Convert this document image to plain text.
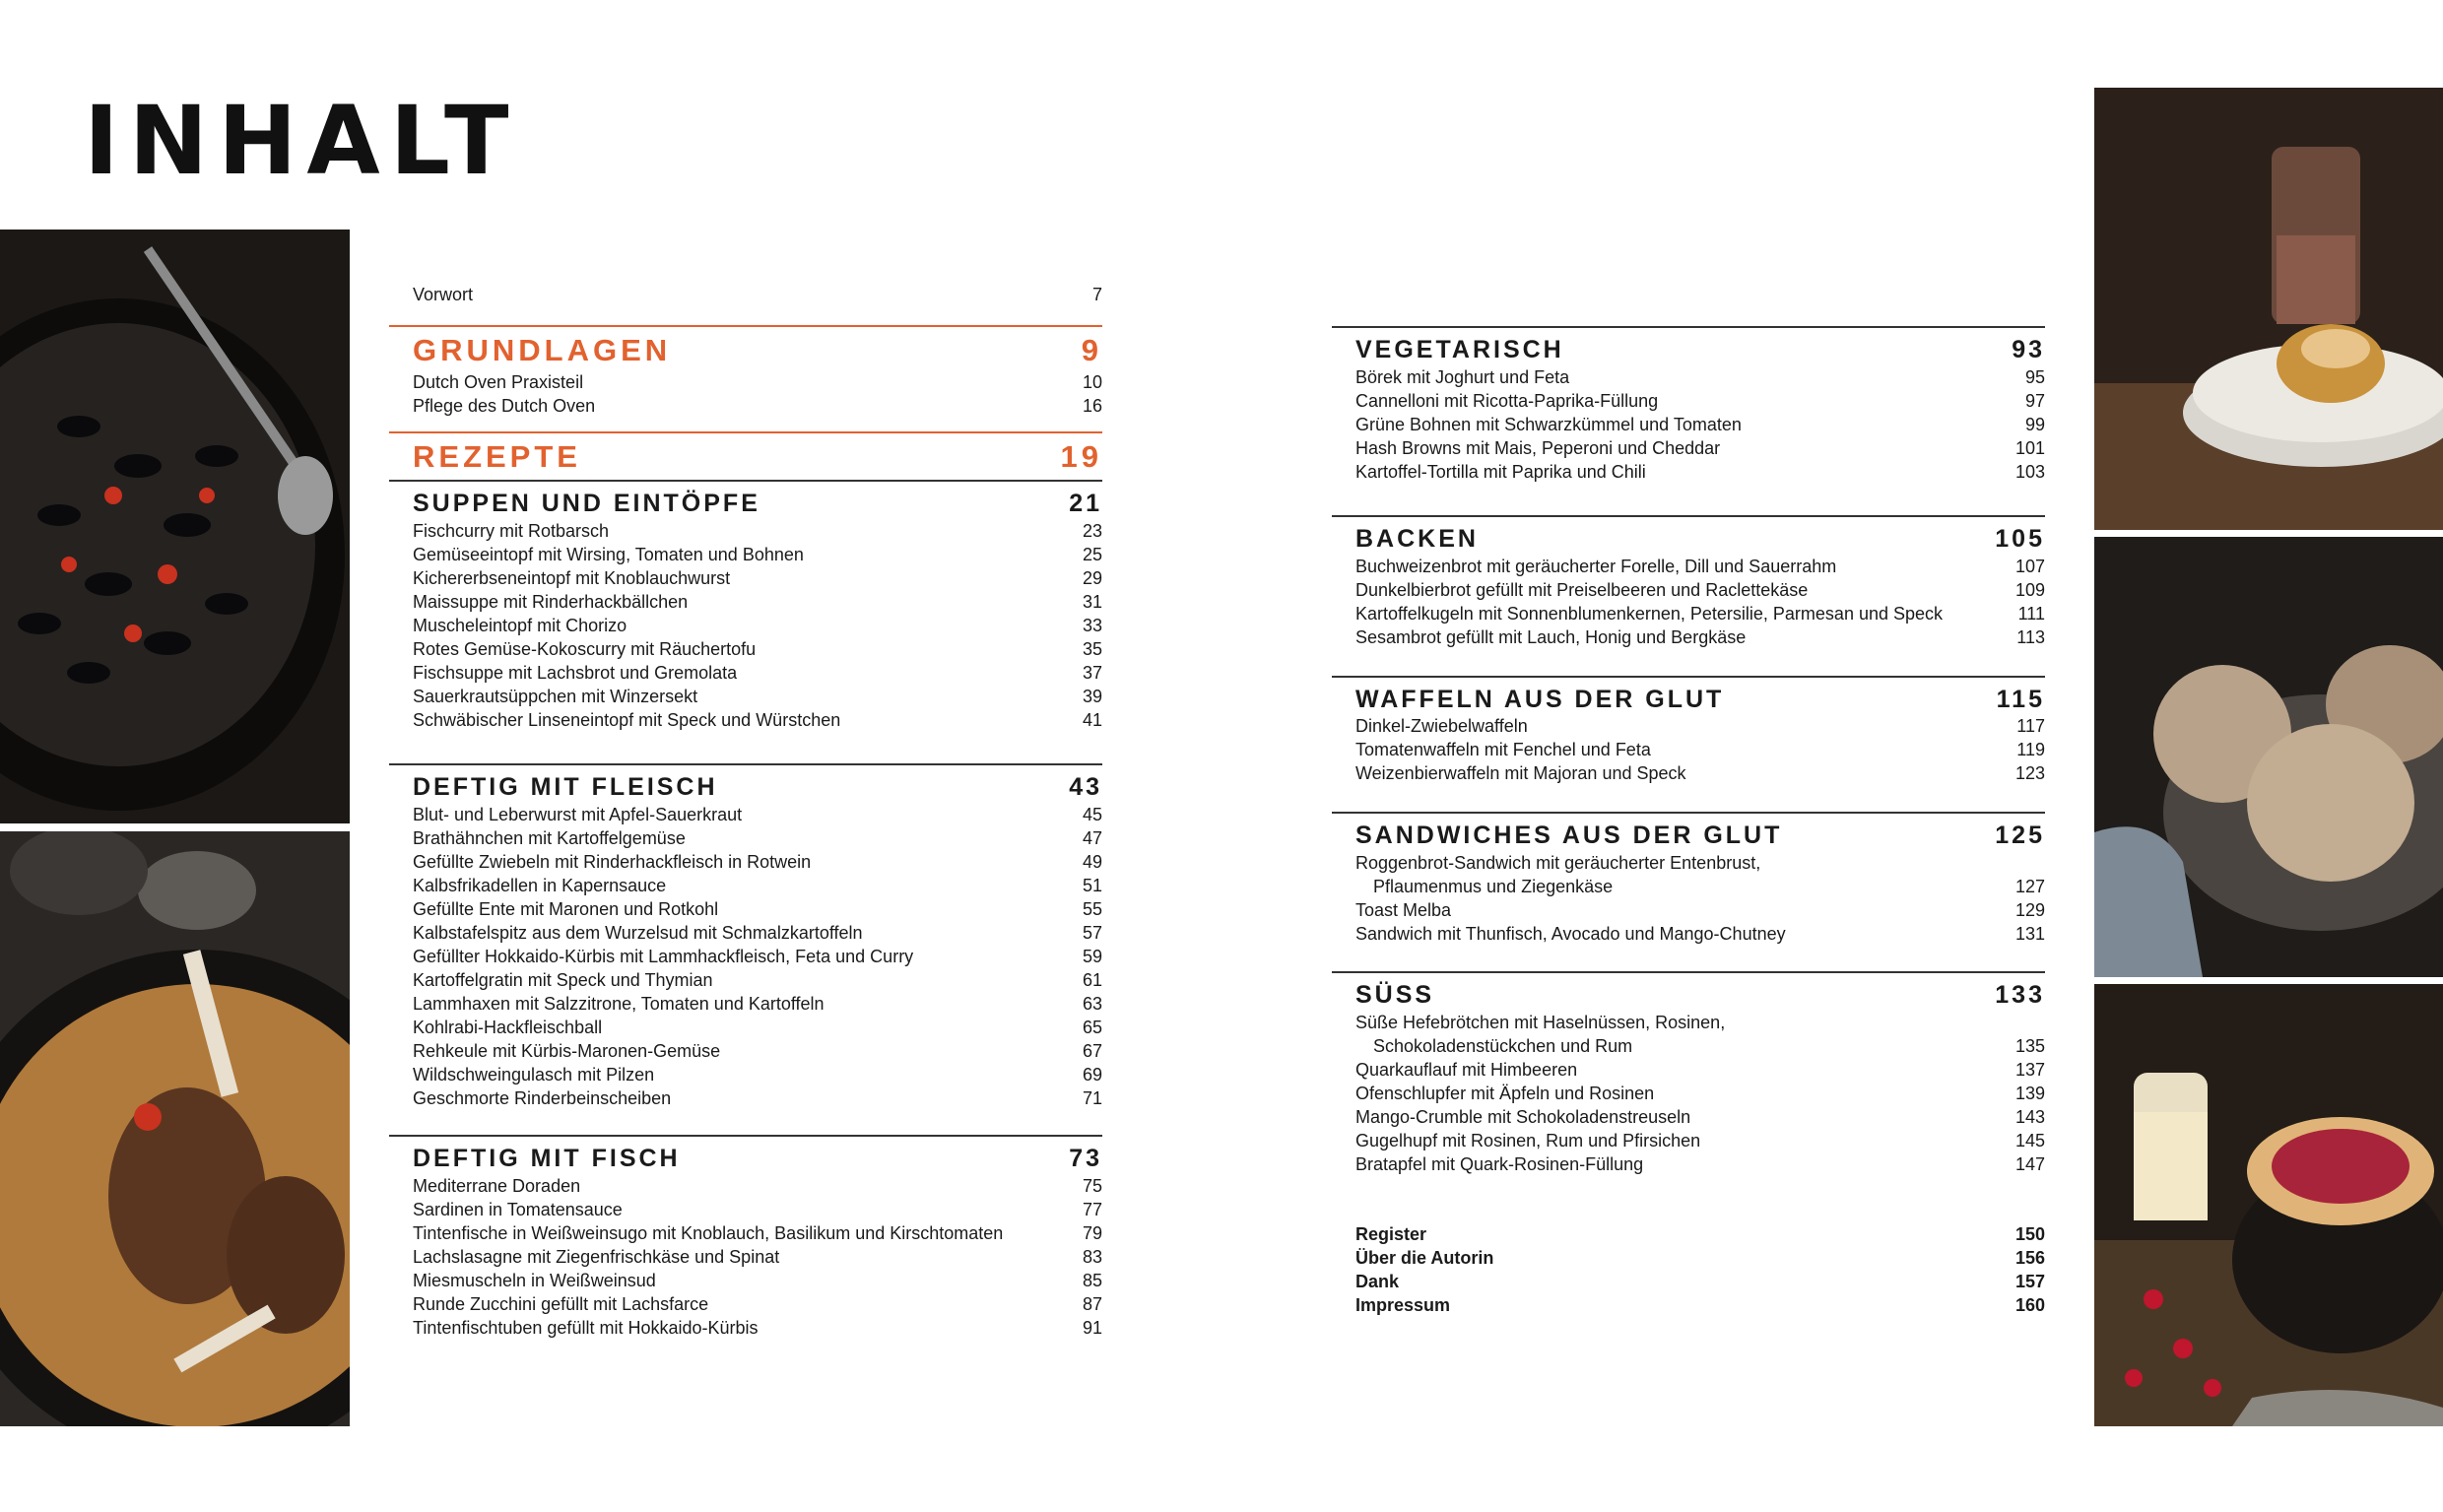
INHALT
Vorwort	7
GRUNDLAGEN	9
Dutch Oven Praxisteil	10
Pflege des Dutch Oven	16
REZEPTE	19
SUPPEN UND EINTÖPFE	21
Fischcurry mit Rotbarsch	23
Gemüseeintopf mit Wirsing, Tomaten und Bohnen	25
Kichererbseneintopf mit Knoblauchwurst	29
Maissuppe mit Rinderhackbällchen	31
Muscheleintopf mit Chorizo	33
Rotes Gemüse-Kokoscurry mit Räuchertofu	35
Fischsuppe mit Lachsbrot und Gremolata	37
Sauerkrautsüppchen mit Winzersekt	39
Schwäbischer Linseneintopf mit Speck und Würstchen	41
DEFTIG MIT FLEISCH	43
Blut- und Leberwurst mit Apfel-Sauerkraut	45
Brathähnchen mit Kartoffelgemüse	47
Gefüllte Zwiebeln mit Rinderhackfleisch in Rotwein	49
Kalbsfrikadellen in Kapernsauce	51
Gefüllte Ente mit Maronen und Rotkohl	55
Kalbstafelspitz aus dem Wurzelsud mit Schmalzkartoffeln	57
Gefüllter Hokkaido-Kürbis mit Lammhackfleisch, Feta und Curry	59
Kartoffelgratin mit Speck und Thymian	61
Lammhaxen mit Salzzitrone, Tomaten und Kartoffeln	63
Kohlrabi-Hackfleischball	65
Rehkeule mit Kürbis-Maronen-Gemüse	67
Wildschweingulasch mit Pilzen	69
Geschmorte Rinderbeinscheiben	71
DEFTIG MIT FISCH	73
Mediterrane Doraden	75
Sardinen in Tomatensauce	77
Tintenfische in Weißweinsugo mit Knoblauch, Basilikum und Kirschtomaten	79
Lachslasagne mit Ziegenfrischkäse und Spinat	83
Miesmuscheln in Weißweinsud	85
Runde Zucchini gefüllt mit Lachsfarce	87
Tintenfischtuben gefüllt mit Hokkaido-Kürbis	91
VEGETARISCH	93
Börek mit Joghurt und Feta	95
Cannelloni mit Ricotta-Paprika-Füllung	97
Grüne Bohnen mit Schwarzkümmel und Tomaten	99
Hash Browns mit Mais, Peperoni und Cheddar	101
Kartoffel-Tortilla mit Paprika und Chili	103
BACKEN	105
Buchweizenbrot mit geräucherter Forelle, Dill und Sauerrahm	107
Dunkelbierbrot gefüllt mit Preiselbeeren und Raclettekäse	109
Kartoffelkugeln mit Sonnenblumenkernen, Petersilie, Parmesan und Speck	111
Sesambrot gefüllt mit Lauch, Honig und Bergkäse	113
WAFFELN AUS DER GLUT	115
Dinkel-Zwiebelwaffeln	117
Tomatenwaffeln mit Fenchel und Feta	119
Weizenbierwaffeln mit Majoran und Speck	123
SANDWICHES AUS DER GLUT	125
Roggenbrot-Sandwich mit geräucherter Entenbrust,
Pflaumenmus und Ziegenkäse	127
Toast Melba	129
Sandwich mit Thunfisch, Avocado und Mango-Chutney	131
SÜSS	133
Süße Hefebrötchen mit Haselnüssen, Rosinen,
Schokoladenstückchen und Rum	135
Quarkauflauf mit Himbeeren	137
Ofenschlupfer mit Äpfeln und Rosinen	139
Mango-Crumble mit Schokoladenstreuseln	143
Gugelhupf mit Rosinen, Rum und Pfirsichen	145
Bratapfel mit Quark-Rosinen-Füllung	147
Register	150
Über die Autorin	156
Dank	157
Impressum	160
